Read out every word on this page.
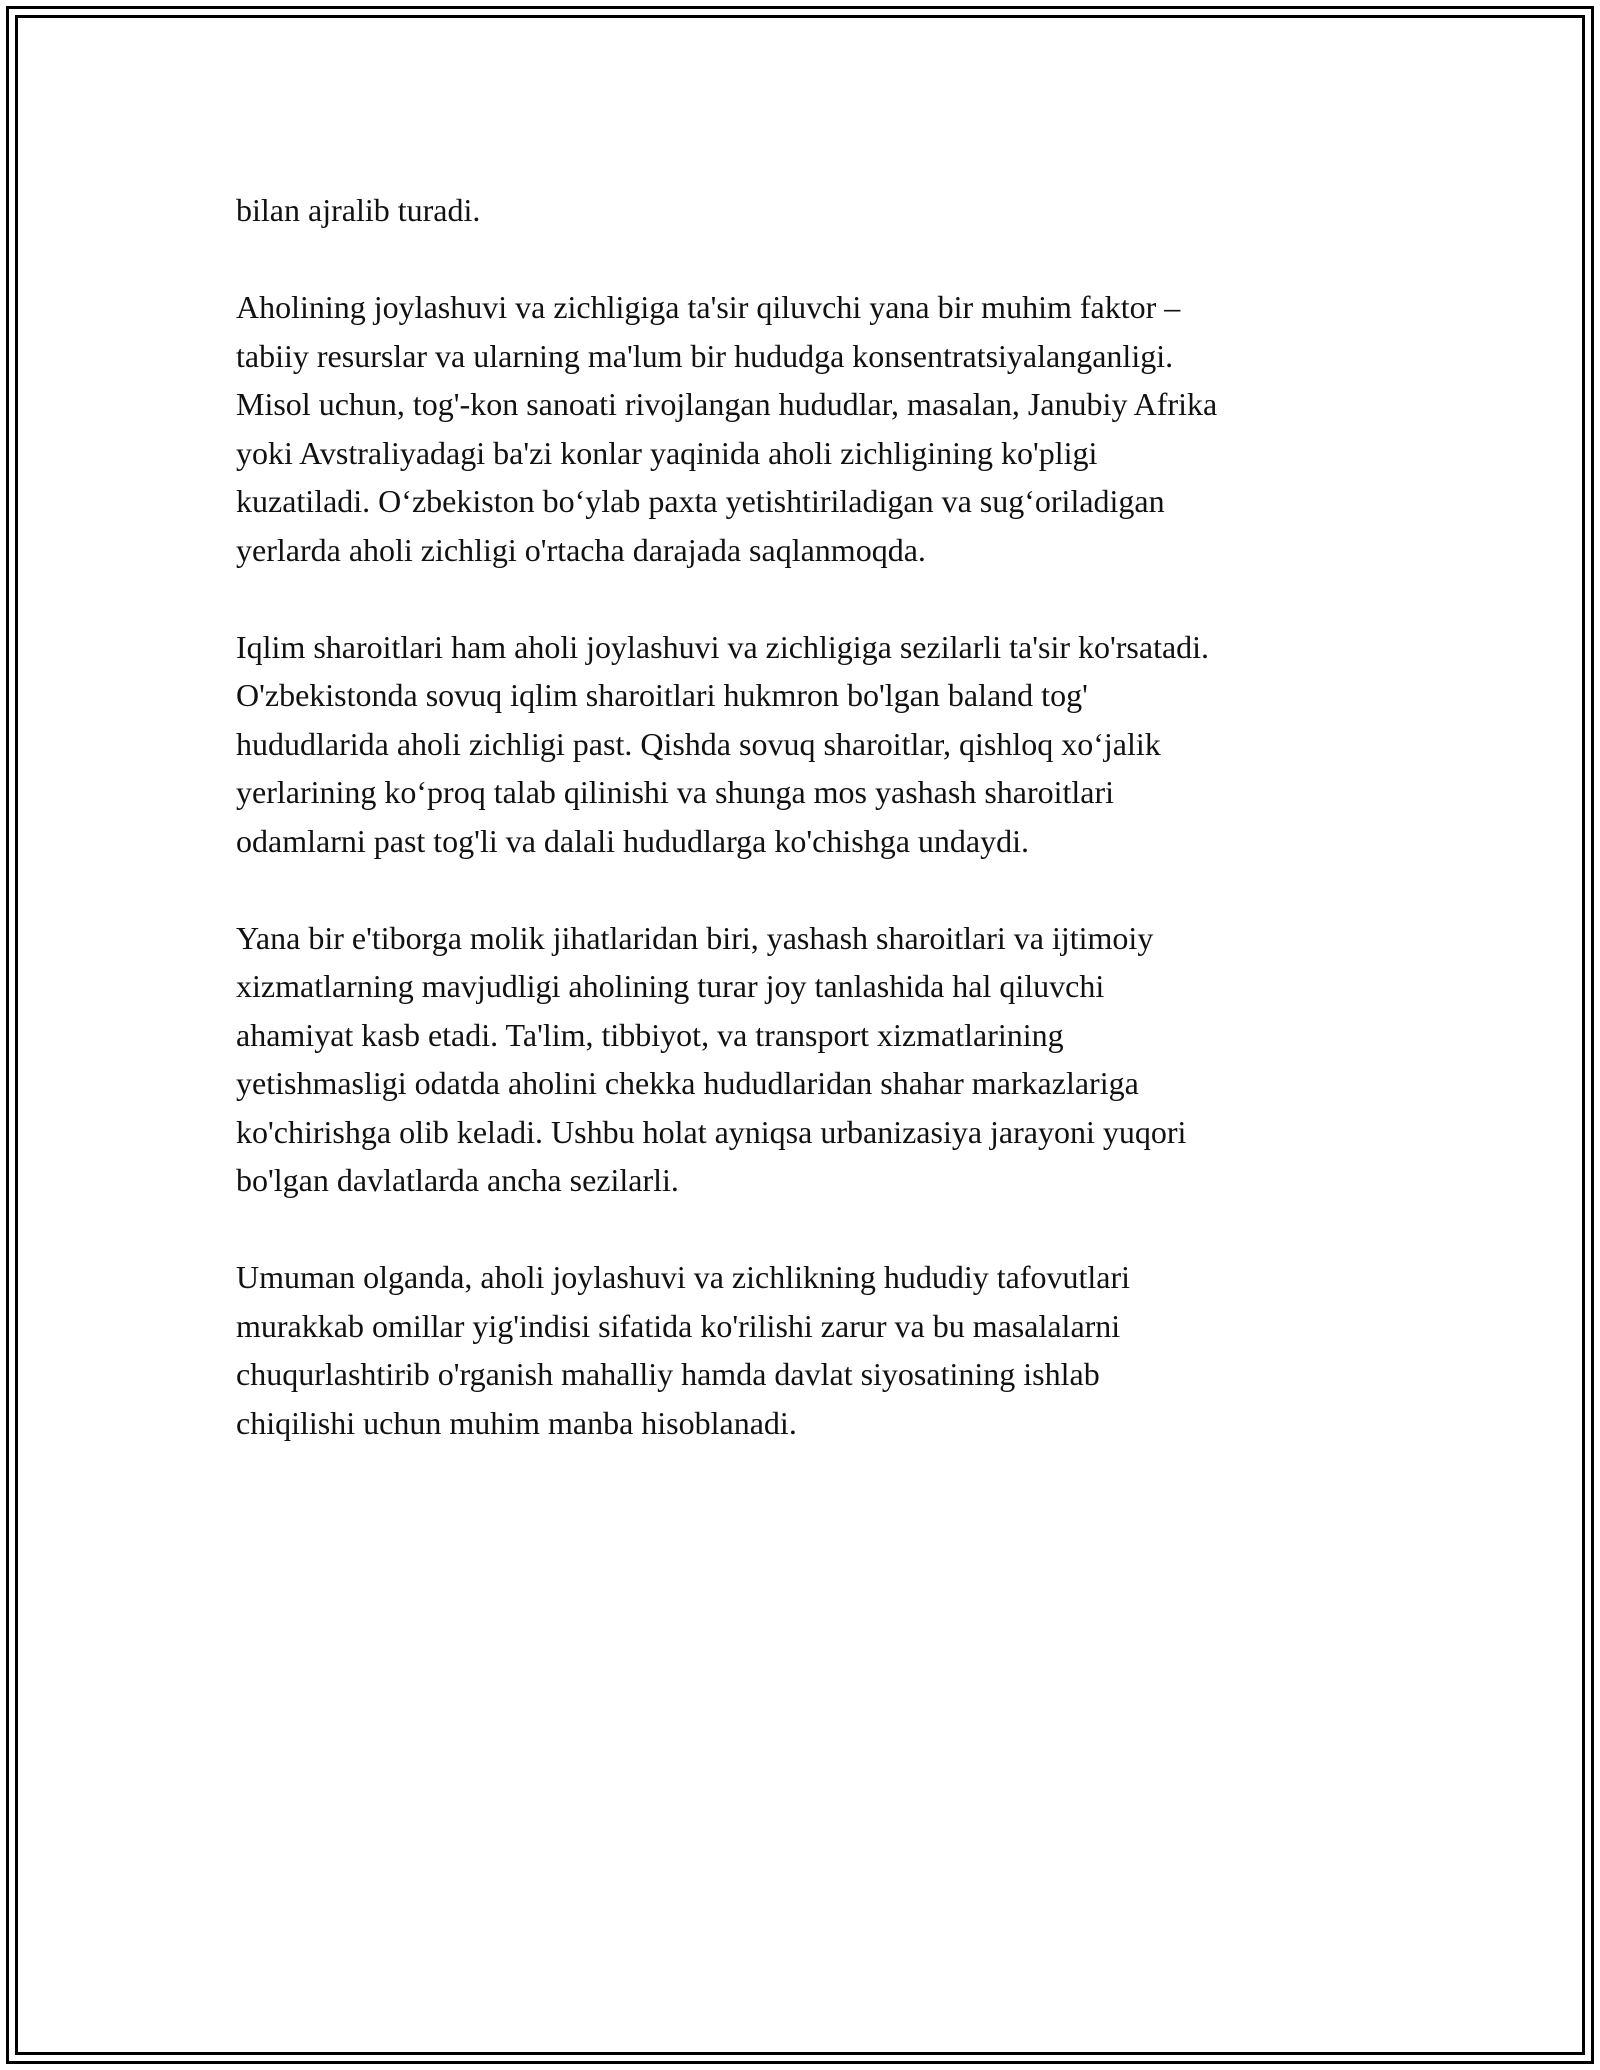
bilan ajralib turadi.

Aholining joylashuvi va zichligiga ta'sir qiluvchi yana bir muhim faktor –
tabiiy resurslar va ularning ma'lum bir hududga konsentratsiyalanganligi.
Misol uchun, tog'-kon sanoati rivojlangan hududlar, masalan, Janubiy Afrika
yoki Avstraliyadagi ba'zi konlar yaqinida aholi zichligining ko'pligi
kuzatiladi. O‘zbekiston bo‘ylab paxta yetishtiriladigan va sug‘oriladigan
yerlarda aholi zichligi o'rtacha darajada saqlanmoqda.

Iqlim sharoitlari ham aholi joylashuvi va zichligiga sezilarli ta'sir ko'rsatadi.
O'zbekistonda sovuq iqlim sharoitlari hukmron bo'lgan baland tog'
hududlarida aholi zichligi past. Qishda sovuq sharoitlar, qishloq xo‘jalik
yerlarining ko‘proq talab qilinishi va shunga mos yashash sharoitlari
odamlarni past tog'li va dalali hududlarga ko'chishga undaydi.

Yana bir e'tiborga molik jihatlaridan biri, yashash sharoitlari va ijtimoiy
xizmatlarning mavjudligi aholining turar joy tanlashida hal qiluvchi
ahamiyat kasb etadi. Ta'lim, tibbiyot, va transport xizmatlarining
yetishmasligi odatda aholini chekka hududlaridan shahar markazlariga
ko'chirishga olib keladi. Ushbu holat ayniqsa urbanizasiya jarayoni yuqori
bo'lgan davlatlarda ancha sezilarli.

Umuman olganda, aholi joylashuvi va zichlikning hududiy tafovutlari
murakkab omillar yig'indisi sifatida ko'rilishi zarur va bu masalalarni
chuqurlashtirib o'rganish mahalliy hamda davlat siyosatining ishlab
chiqilishi uchun muhim manba hisoblanadi.
